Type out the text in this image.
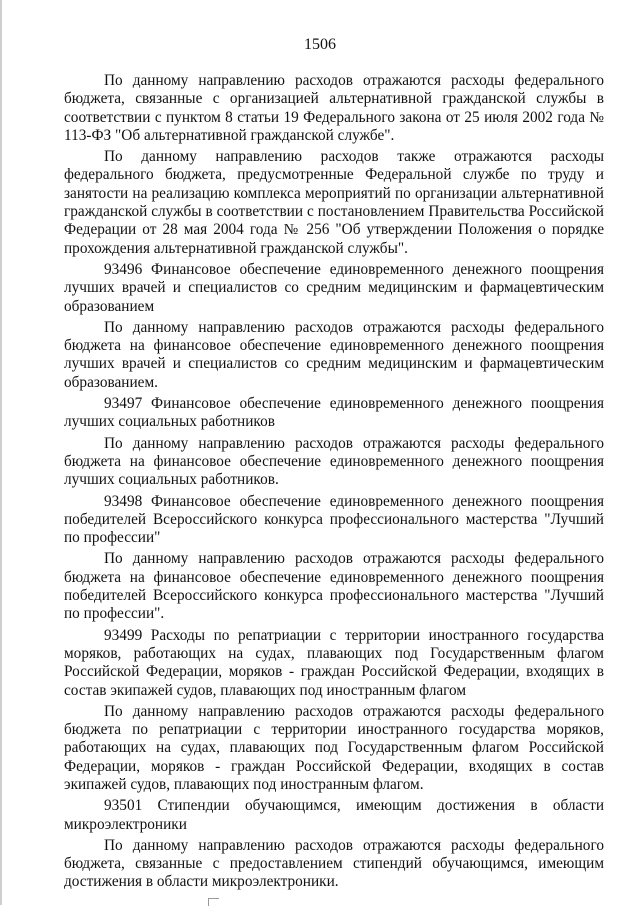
1506

По данному направлению расходов отражаются расходы федерального бюджета, связанные с организацией альтернативной гражданской службы в соответствии с пунктом 8 статьи 19 Федерального закона от 25 июля 2002 года № 113-ФЗ "Об альтернативной гражданской службе".

По данному направлению расходов также отражаются расходы федерального бюджета, предусмотренные Федеральной службе по труду и занятости на реализацию комплекса мероприятий по организации альтернативной гражданской службы в соответствии с постановлением Правительства Российской Федерации от 28 мая 2004 года № 256 "Об утверждении Положения о порядке прохождения альтернативной гражданской службы".

93496 Финансовое обеспечение единовременного денежного поощрения лучших врачей и специалистов со средним медицинским и фармацевтическим образованием

По данному направлению расходов отражаются расходы федерального бюджета на финансовое обеспечение единовременного денежного поощрения лучших врачей и специалистов со средним медицинским и фармацевтическим образованием.

93497 Финансовое обеспечение единовременного денежного поощрения лучших социальных работников

По данному направлению расходов отражаются расходы федерального бюджета на финансовое обеспечение единовременного денежного поощрения лучших социальных работников.

93498 Финансовое обеспечение единовременного денежного поощрения победителей Всероссийского конкурса профессионального мастерства "Лучший по профессии"

По данному направлению расходов отражаются расходы федерального бюджета на финансовое обеспечение единовременного денежного поощрения победителей Всероссийского конкурса профессионального мастерства "Лучший по профессии".

93499 Расходы по репатриации с территории иностранного государства моряков, работающих на судах, плавающих под Государственным флагом Российской Федерации, моряков - граждан Российской Федерации, входящих в состав экипажей судов, плавающих под иностранным флагом

По данному направлению расходов отражаются расходы федерального бюджета по репатриации с территории иностранного государства моряков, работающих на судах, плавающих под Государственным флагом Российской Федерации, моряков - граждан Российской Федерации, входящих в состав экипажей судов, плавающих под иностранным флагом.

93501 Стипендии обучающимся, имеющим достижения в области микроэлектроники

По данному направлению расходов отражаются расходы федерального бюджета, связанные с предоставлением стипендий обучающимся, имеющим достижения в области микроэлектроники.
